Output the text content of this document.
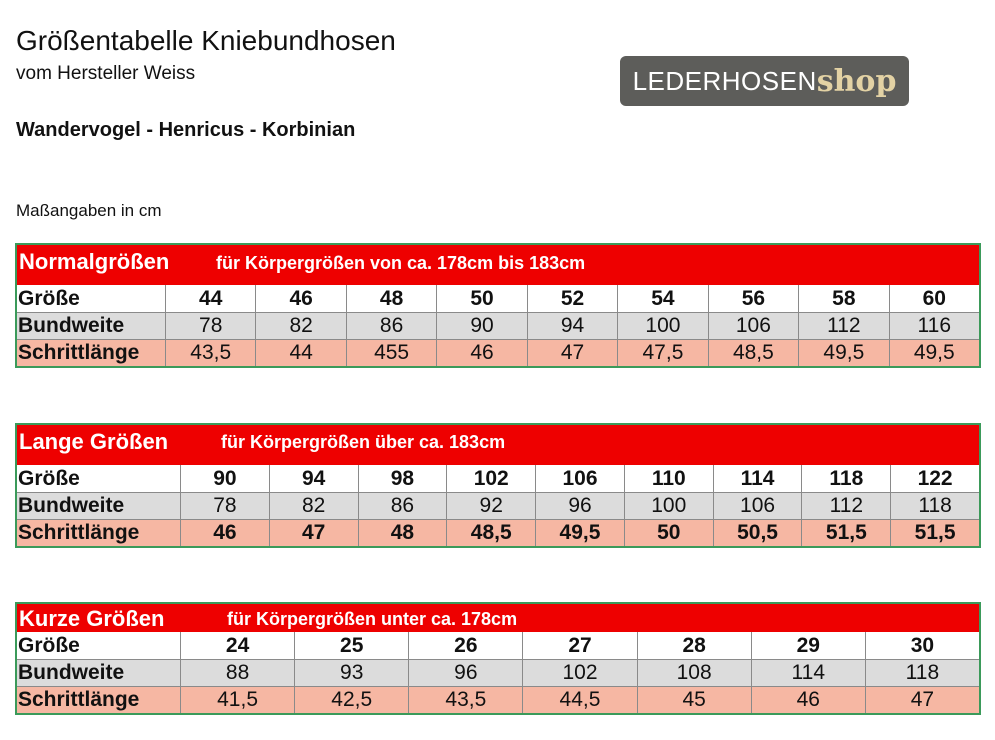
Größentabelle Kniebundhosen
vom Hersteller Weiss
Wandervogel - Henricus - Korbinian
Maßangaben in cm
LEDERHOSEN shop
Normalgrößen	für Körpergrößen von ca. 178cm bis 183cm
Größe	44	46	48	50	52	54	56	58	60
Bundweite	78	82	86	90	94	100	106	112	116
Schrittlänge	43,5	44	455	46	47	47,5	48,5	49,5	49,5
Lange Größen	für Körpergrößen über ca. 183cm
Größe	90	94	98	102	106	110	114	118	122
Bundweite	78	82	86	92	96	100	106	112	118
Schrittlänge	46	47	48	48,5	49,5	50	50,5	51,5	51,5
Kurze Größen	für Körpergrößen unter ca. 178cm
Größe	24	25	26	27	28	29	30
Bundweite	88	93	96	102	108	114	118
Schrittlänge	41,5	42,5	43,5	44,5	45	46	47
